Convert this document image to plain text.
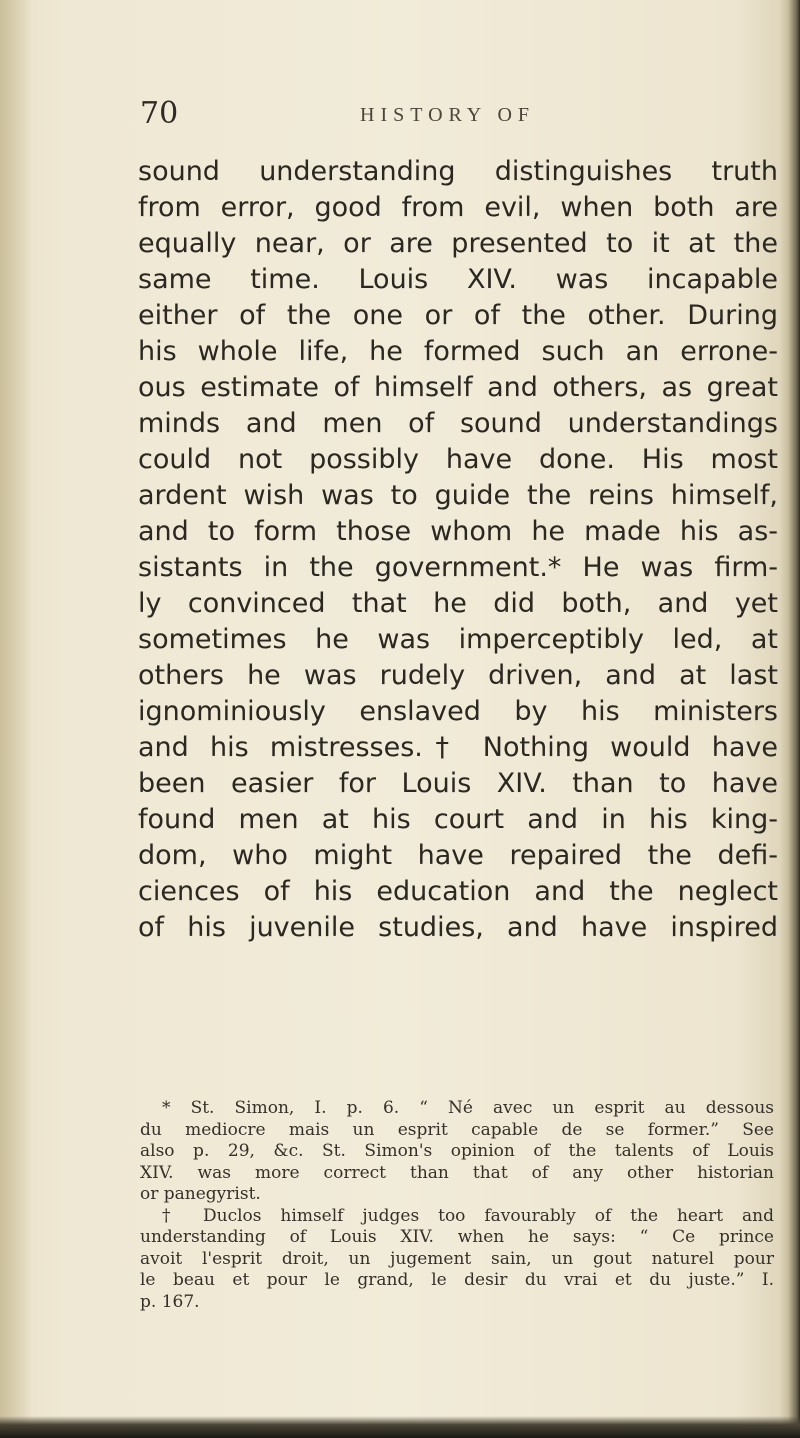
70	HISTORY OF
sound understanding distinguishes truth
from error, good from evil, when both are
equally near, or are presented to it at the
same time. Louis XIV. was incapable
either of the one or of the other. During
his whole life, he formed such an errone-
ous estimate of himself and others, as great
minds and men of sound understandings
could not possibly have done. His most
ardent wish was to guide the reins himself,
and to form those whom he made his as-
sistants in the government.* He was firm-
ly convinced that he did both, and yet
sometimes he was imperceptibly led, at
others he was rudely driven, and at last
ignominiously enslaved by his ministers
and his mistresses.† Nothing would have
been easier for Louis XIV. than to have
found men at his court and in his king-
dom, who might have repaired the defi-
ciences of his education and the neglect
of his juvenile studies, and have inspired
* St. Simon, I. p. 6. “ Né avec un esprit au dessous
du mediocre mais un esprit capable de se former.” See
also p. 29, &c. St. Simon's opinion of the talents of Louis
XIV. was more correct than that of any other historian
or panegyrist.
† Duclos himself judges too favourably of the heart and
understanding of Louis XIV. when he says: “ Ce prince
avoit l'esprit droit, un jugement sain, un gout naturel pour
le beau et pour le grand, le desir du vrai et du juste.” I.
p. 167.
